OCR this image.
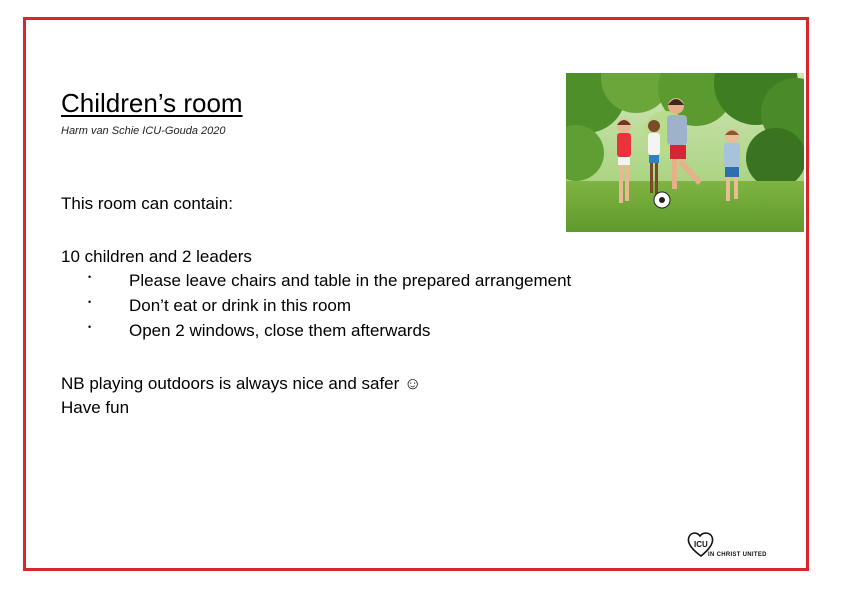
Children’s room
Harm van Schie ICU-Gouda 2020
This room can contain:
10 children and 2 leaders
• Please leave chairs and table in the prepared arrangement
• Don’t eat or drink in this room
• Open 2 windows, close them afterwards
NB playing outdoors is always nice and safer ☺
Have fun
ICU
IN CHRIST UNITED
